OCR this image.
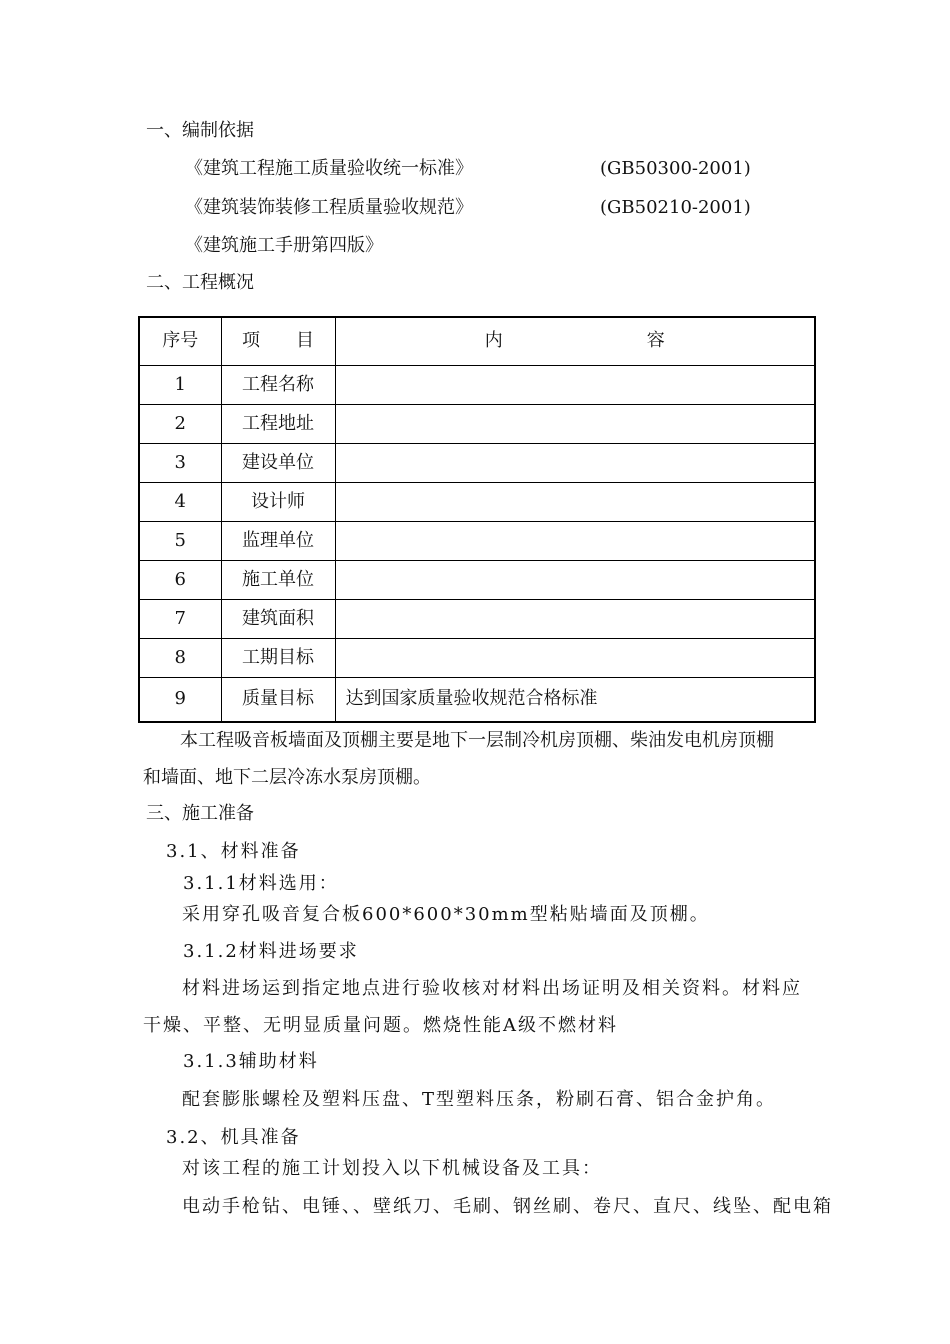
一、编制依据
《建筑工程施工质量验收统一标准》	(GB50300-2001)
《建筑装饰装修工程质量验收规范》	(GB50210-2001)
《建筑施工手册第四版》
二、工程概况
序号	项　　目	内　　　　　　　　容
1	工程名称	
2	工程地址	
3	建设单位	
4	设计师	
5	监理单位	
6	施工单位	
7	建筑面积	
8	工期目标	
9	质量目标	达到国家质量验收规范合格标准
本工程吸音板墙面及顶棚主要是地下一层制冷机房顶棚、柴油发电机房顶棚
和墙面、地下二层冷冻水泵房顶棚。
三、施工准备
3.1、材料准备
3.1.1材料选用：
采用穿孔吸音复合板600*600*30mm型粘贴墙面及顶棚。
3.1.2材料进场要求
材料进场运到指定地点进行验收核对材料出场证明及相关资料。材料应
干燥、平整、无明显质量问题。燃烧性能A级不燃材料
3.1.3辅助材料
配套膨胀螺栓及塑料压盘、T型塑料压条，粉刷石膏、铝合金护角。
3.2、机具准备
对该工程的施工计划投入以下机械设备及工具：
电动手枪钻、电锤、、壁纸刀、毛刷、钢丝刷、卷尺、直尺、线坠、配电箱
